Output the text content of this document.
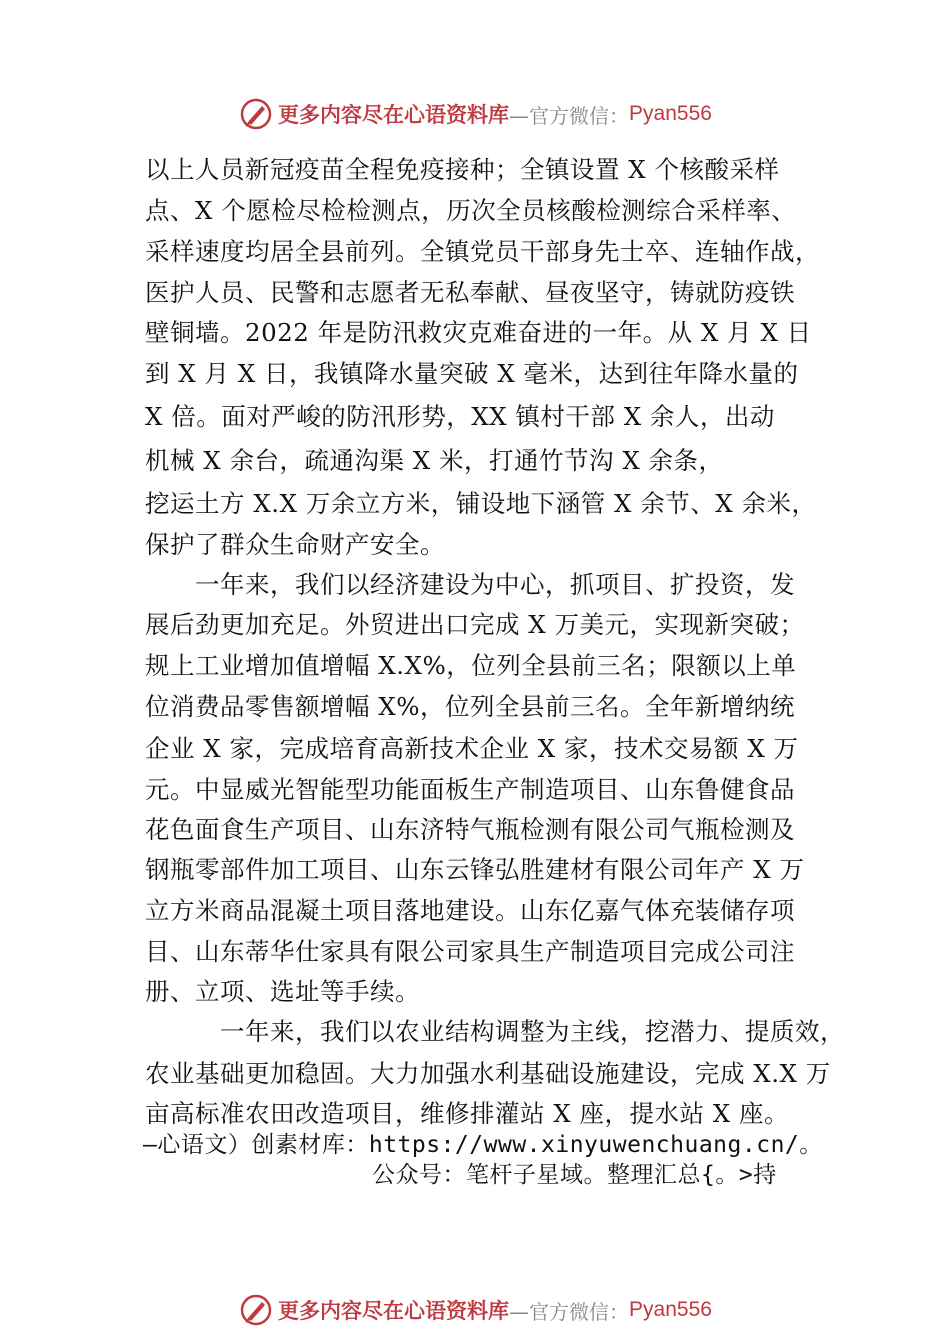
更多内容尽在心语资料库 —官方微信： Pyan556
以上人员新冠疫苗全程免疫接种；全镇设置 X 个核酸采样
点、X 个愿检尽检检测点，历次全员核酸检测综合采样率、
采样速度均居全县前列。全镇党员干部身先士卒、连轴作战，
医护人员、民警和志愿者无私奉献、昼夜坚守，铸就防疫铁
壁铜墙。2022 年是防汛救灾克难奋进的一年。从 X 月 X 日
到 X 月 X 日，我镇降水量突破 X 毫米，达到往年降水量的
X 倍。面对严峻的防汛形势，XX 镇村干部 X 余人，出动
机械 X 余台，疏通沟渠 X 米，打通竹节沟 X 余条，
挖运土方 X.X 万余立方米，铺设地下涵管 X 余节、X 余米，
保护了群众生命财产安全。
　　一年来，我们以经济建设为中心，抓项目、扩投资，发
展后劲更加充足。外贸进出口完成 X 万美元，实现新突破；
规上工业增加值增幅 X.X%，位列全县前三名；限额以上单
位消费品零售额增幅 X%，位列全县前三名。全年新增纳统
企业 X 家，完成培育高新技术企业 X 家，技术交易额 X 万
元。中显威光智能型功能面板生产制造项目、山东鲁健食品
花色面食生产项目、山东济特气瓶检测有限公司气瓶检测及
钢瓶零部件加工项目、山东云锋弘胜建材有限公司年产 X 万
立方米商品混凝土项目落地建设。山东亿嘉气体充装储存项
目、山东蒂华仕家具有限公司家具生产制造项目完成公司注
册、立项、选址等手续。
　　　一年来，我们以农业结构调整为主线，挖潜力、提质效，
农业基础更加稳固。大力加强水利基础设施建设，完成 X.X 万
亩高标准农田改造项目，维修排灌站 X 座，提水站 X 座。
—心语文）创素材库：https://www.xinyuwenchuang.cn/。
公众号：笔杆子星域。整理汇总{。>持
更多内容尽在心语资料库 —官方微信： Pyan556
